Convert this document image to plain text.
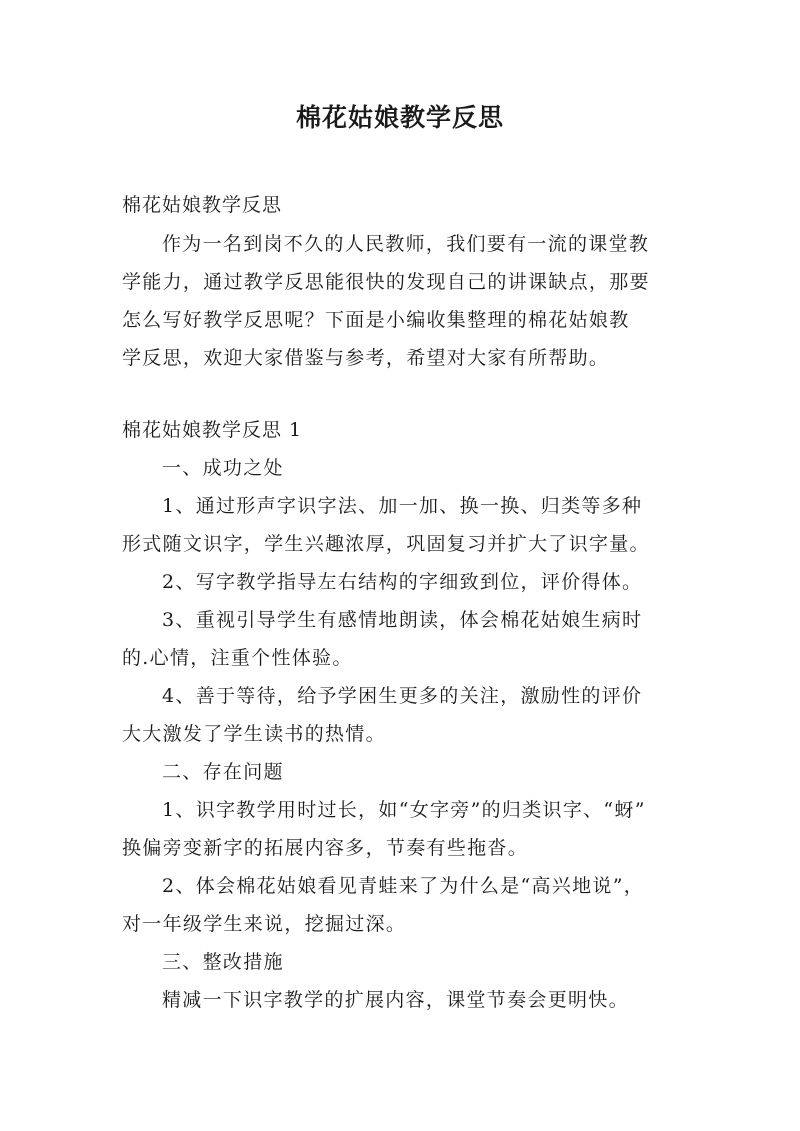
棉花姑娘教学反思
棉花姑娘教学反思
作为一名到岗不久的人民教师，我们要有一流的课堂教
学能力，通过教学反思能很快的发现自己的讲课缺点，那要
怎么写好教学反思呢？下面是小编收集整理的棉花姑娘教
学反思，欢迎大家借鉴与参考，希望对大家有所帮助。
棉花姑娘教学反思 1
一、成功之处
1、通过形声字识字法、加一加、换一换、归类等多种
形式随文识字，学生兴趣浓厚，巩固复习并扩大了识字量。
2、写字教学指导左右结构的字细致到位，评价得体。
3、重视引导学生有感情地朗读，体会棉花姑娘生病时
的.心情，注重个性体验。
4、善于等待，给予学困生更多的关注，激励性的评价
大大激发了学生读书的热情。
二、存在问题
1、识字教学用时过长，如“女字旁”的归类识字、“蚜”
换偏旁变新字的拓展内容多，节奏有些拖沓。
2、体会棉花姑娘看见青蛙来了为什么是“高兴地说”，
对一年级学生来说，挖掘过深。
三、整改措施
精减一下识字教学的扩展内容，课堂节奏会更明快。
